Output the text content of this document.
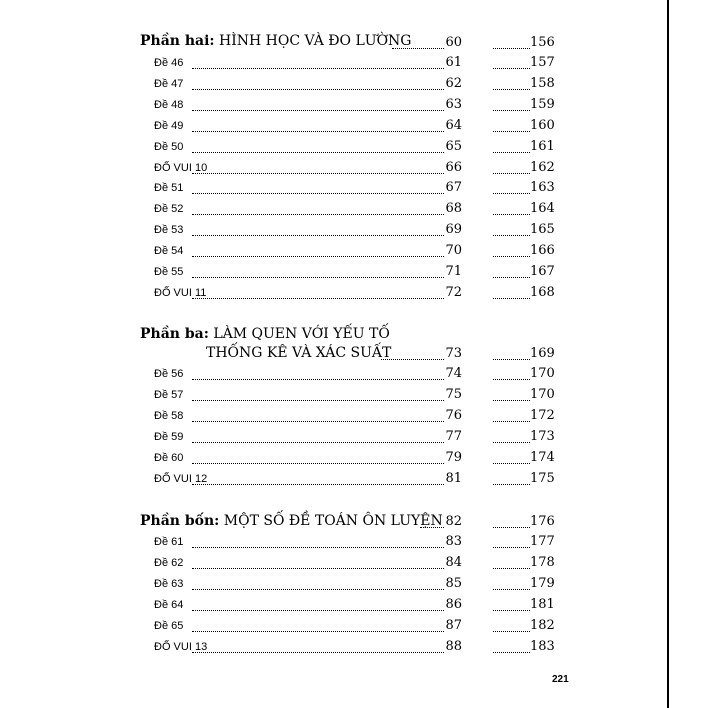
Phần hai: HÌNH HỌC VÀ ĐO LƯỜNG	60	156
Đề 46	61	157
Đề 47	62	158
Đề 48	63	159
Đề 49	64	160
Đề 50	65	161
ĐỐ VUI 10	66	162
Đề 51	67	163
Đề 52	68	164
Đề 53	69	165
Đề 54	70	166
Đề 55	71	167
ĐỐ VUI 11	72	168
Phần ba: LÀM QUEN VỚI YẾU TỐ
THỐNG KÊ VÀ XÁC SUẤT	73	169
Đề 56	74	170
Đề 57	75	170
Đề 58	76	172
Đề 59	77	173
Đề 60	79	174
ĐỐ VUI 12	81	175
Phần bốn: MỘT SỐ ĐỀ TOÁN ÔN LUYỆN 82	176
Đề 61	83	177
Đề 62	84	178
Đề 63	85	179
Đề 64	86	181
Đề 65	87	182
ĐỐ VUI 13	88	183
221
